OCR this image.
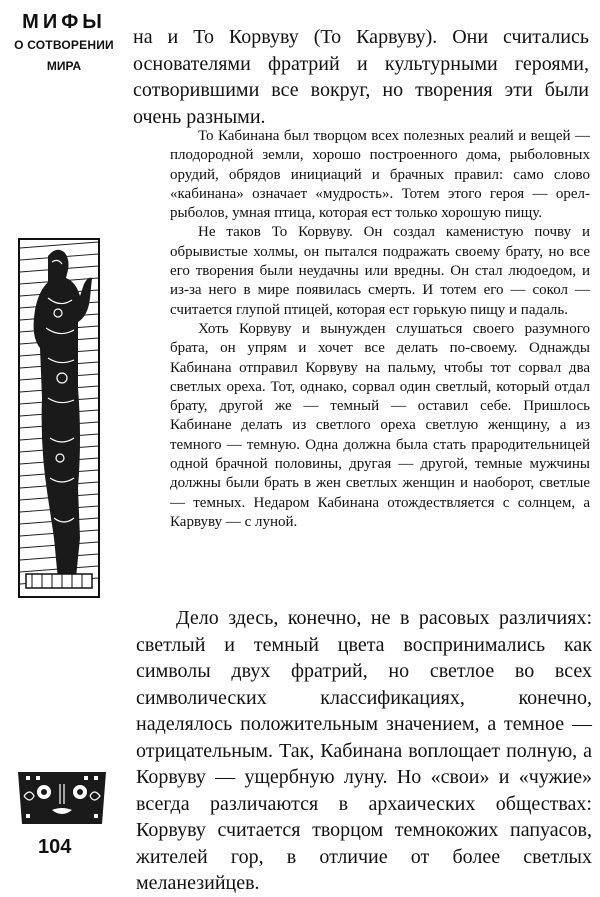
МИФЫ
О СОТВОРЕНИИ
МИРА
104

на и То Корвуву (То Карвуву). Они считались основателями фратрий и культурными героями, сотворившими все вокруг, но творения эти были очень разными.

То Кабинана был творцом всех полезных реалий и вещей — плодородной земли, хорошо построенного дома, рыболовных орудий, обрядов инициаций и брачных правил: само слово «кабинана» означает «мудрость». Тотем этого героя — орел-рыболов, умная птица, которая ест только хорошую пищу.

Не таков То Корвуву. Он создал каменистую почву и обрывистые холмы, он пытался подражать своему брату, но все его творения были неудачны или вредны. Он стал людоедом, и из-за него в мире появилась смерть. И тотем его — сокол — считается глупой птицей, которая ест горькую пищу и падаль.

Хоть Корвуву и вынужден слушаться своего разумного брата, он упрям и хочет все делать по-своему. Однажды Кабинана отправил Корвуву на пальму, чтобы тот сорвал два светлых ореха. Тот, однако, сорвал один светлый, который отдал брату, другой же — темный — оставил себе. Пришлось Кабинане делать из светлого ореха светлую женщину, а из темного — темную. Одна должна была стать прародительницей одной брачной половины, другая — другой, темные мужчины должны были брать в жен светлых женщин и наоборот, светлые — темных. Недаром Кабинана отождествляется с солнцем, а Карвуву — с луной.

Дело здесь, конечно, не в расовых различиях: светлый и темный цвета воспринимались как символы двух фратрий, но светлое во всех символических классификациях, конечно, наделялось положительным значением, а темное — отрицательным. Так, Кабинана воплощает полную, а Корвуву — ущербную луну. Но «свои» и «чужие» всегда различаются в архаических обществах: Корвуву считается творцом темнокожих папуасов, жителей гор, в отличие от более светлых меланезийцев.
